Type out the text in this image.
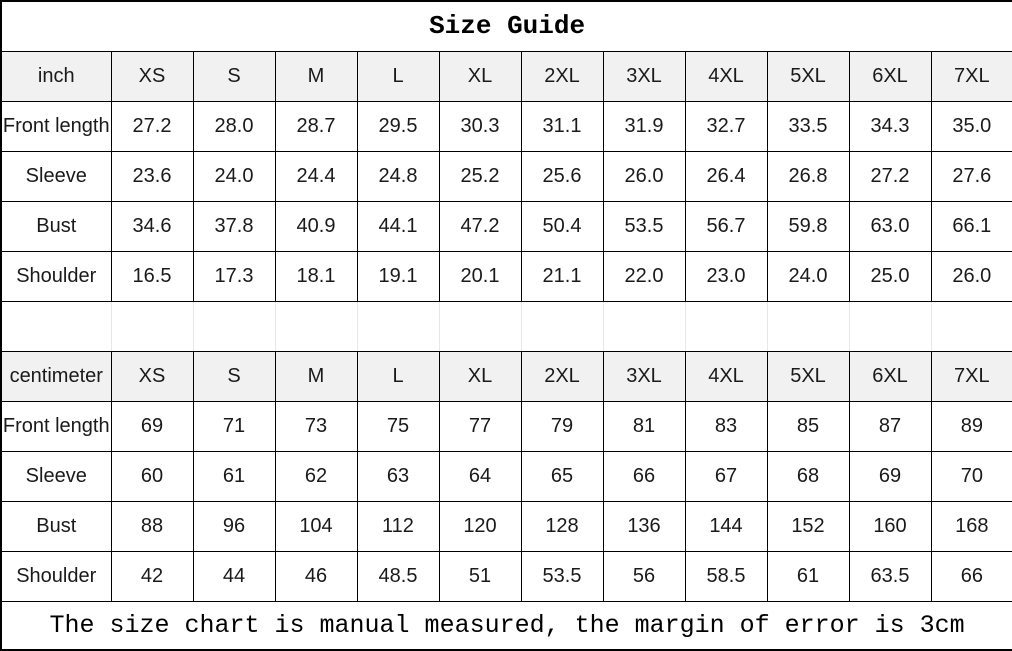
Size Guide											
inch	XS	S	M	L	XL	2XL	3XL	4XL	5XL	6XL	7XL
Front length	27.2	28.0	28.7	29.5	30.3	31.1	31.9	32.7	33.5	34.3	35.0
Sleeve	23.6	24.0	24.4	24.8	25.2	25.6	26.0	26.4	26.8	27.2	27.6
Bust	34.6	37.8	40.9	44.1	47.2	50.4	53.5	56.7	59.8	63.0	66.1
Shoulder	16.5	17.3	18.1	19.1	20.1	21.1	22.0	23.0	24.0	25.0	26.0

centimeter	XS	S	M	L	XL	2XL	3XL	4XL	5XL	6XL	7XL
Front length	69	71	73	75	77	79	81	83	85	87	89
Sleeve	60	61	62	63	64	65	66	67	68	69	70
Bust	88	96	104	112	120	128	136	144	152	160	168
Shoulder	42	44	46	48.5	51	53.5	56	58.5	61	63.5	66
The size chart is manual measured, the margin of error is 3cm											
